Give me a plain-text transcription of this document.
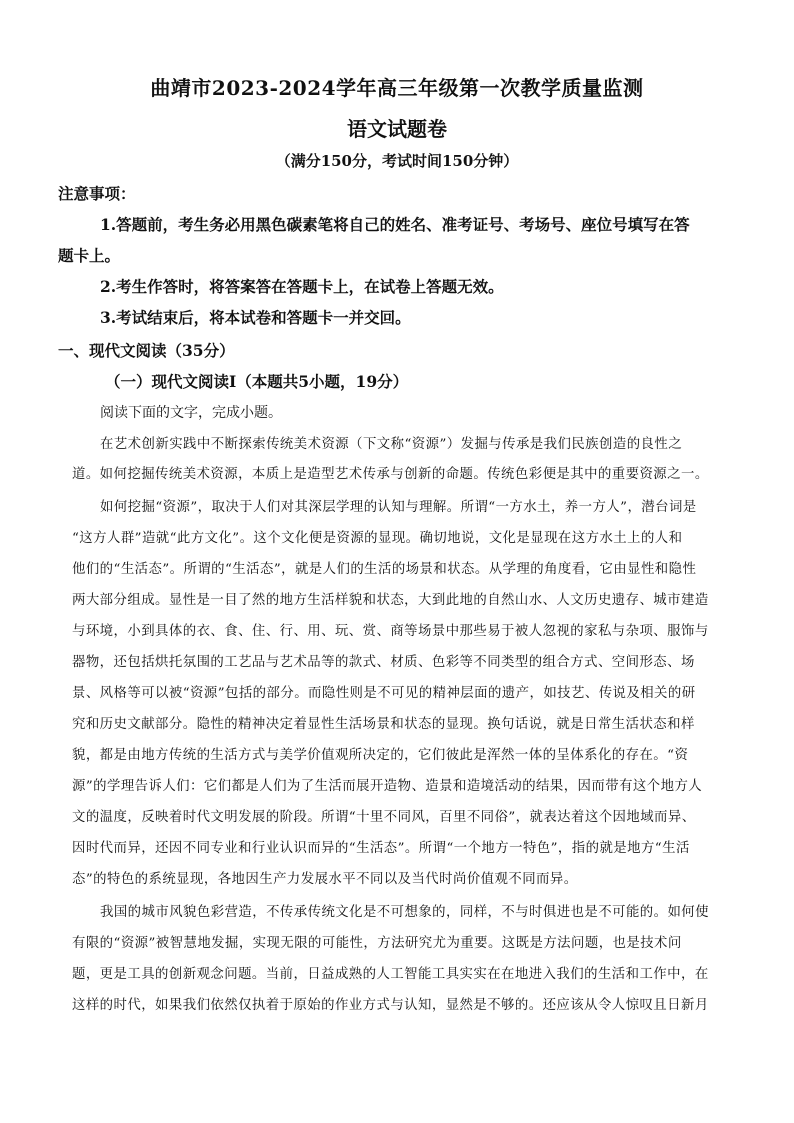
曲靖市2023-2024学年高三年级第一次教学质量监测
语文试题卷
（满分150分，考试时间150分钟）
注意事项：
1.答题前，考生务必用黑色碳素笔将自己的姓名、准考证号、考场号、座位号填写在答
题卡上。
2.考生作答时，将答案答在答题卡上，在试卷上答题无效。
3.考试结束后，将本试卷和答题卡一并交回。
一、现代文阅读（35分）
（一）现代文阅读Ⅰ（本题共5小题，19分）
阅读下面的文字，完成小题。
在艺术创新实践中不断探索传统美术资源（下文称“资源”）发掘与传承是我们民族创造的良性之
道。如何挖掘传统美术资源，本质上是造型艺术传承与创新的命题。传统色彩便是其中的重要资源之一。
如何挖掘“资源”，取决于人们对其深层学理的认知与理解。所谓“一方水土，养一方人”，潜台词是
“这方人群”造就“此方文化”。这个文化便是资源的显现。确切地说，文化是显现在这方水土上的人和
他们的“生活态”。所谓的“生活态”，就是人们的生活的场景和状态。从学理的角度看，它由显性和隐性
两大部分组成。显性是一目了然的地方生活样貌和状态，大到此地的自然山水、人文历史遗存、城市建造
与环境，小到具体的衣、食、住、行、用、玩、赏、商等场景中那些易于被人忽视的家私与杂项、服饰与
器物，还包括烘托氛围的工艺品与艺术品等的款式、材质、色彩等不同类型的组合方式、空间形态、场
景、风格等可以被“资源”包括的部分。而隐性则是不可见的精神层面的遗产，如技艺、传说及相关的研
究和历史文献部分。隐性的精神决定着显性生活场景和状态的显现。换句话说，就是日常生活状态和样
貌，都是由地方传统的生活方式与美学价值观所决定的，它们彼此是浑然一体的呈体系化的存在。“资
源”的学理告诉人们：它们都是人们为了生活而展开造物、造景和造境活动的结果，因而带有这个地方人
文的温度，反映着时代文明发展的阶段。所谓“十里不同风，百里不同俗”，就表达着这个因地域而异、
因时代而异，还因不同专业和行业认识而异的“生活态”。所谓“一个地方一特色”，指的就是地方“生活
态”的特色的系统显现，各地因生产力发展水平不同以及当代时尚价值观不同而异。
我国的城市风貌色彩营造，不传承传统文化是不可想象的，同样，不与时俱进也是不可能的。如何使
有限的“资源”被智慧地发掘，实现无限的可能性，方法研究尤为重要。这既是方法问题，也是技术问
题，更是工具的创新观念问题。当前，日益成熟的人工智能工具实实在在地进入我们的生活和工作中，在
这样的时代，如果我们依然仅执着于原始的作业方式与认知，显然是不够的。还应该从令人惊叹且日新月
